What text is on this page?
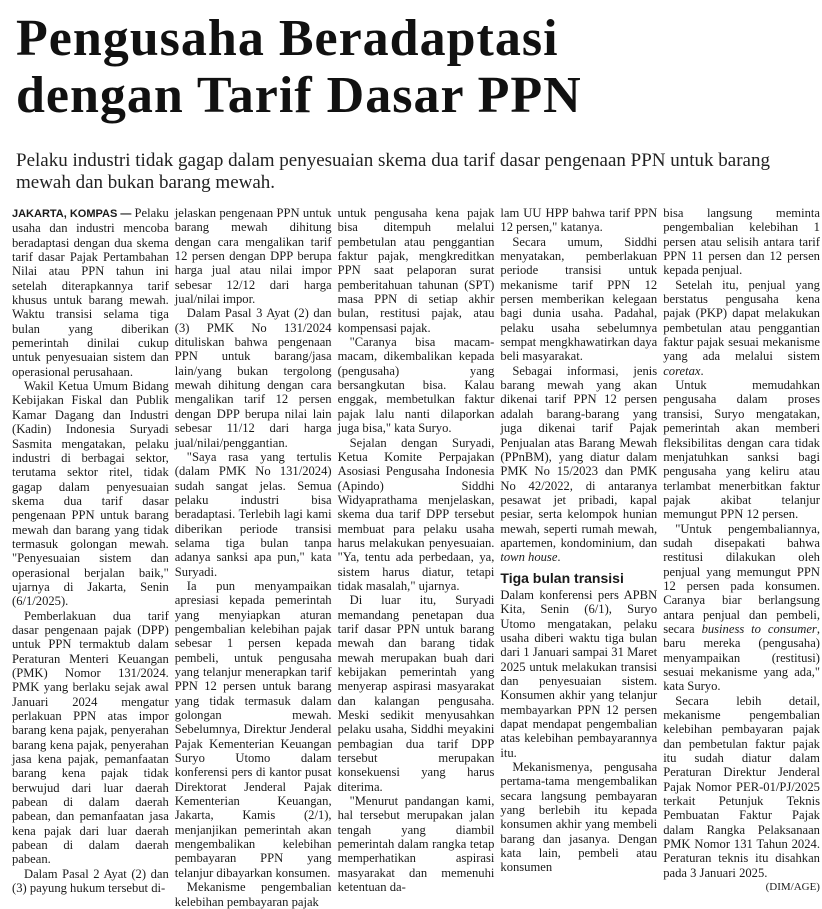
Pengusaha Beradaptasi
dengan Tarif Dasar PPN

Pelaku industri tidak gagap dalam penyesuaian skema dua tarif dasar pengenaan PPN untuk barang mewah dan bukan barang mewah.

JAKARTA, KOMPAS — Pelaku usaha dan industri mencoba beradaptasi dengan dua skema tarif dasar Pajak Pertambahan Nilai atau PPN tahun ini setelah diterapkannya tarif khusus untuk barang mewah. Waktu transisi selama tiga bulan yang diberikan pemerintah dinilai cukup untuk penyesuaian sistem dan operasional perusahaan.

Wakil Ketua Umum Bidang Kebijakan Fiskal dan Publik Kamar Dagang dan Industri (Kadin) Indonesia Suryadi Sasmita mengatakan, pelaku industri di berbagai sektor, terutama sektor ritel, tidak gagap dalam penyesuaian skema dua tarif dasar pengenaan PPN untuk barang mewah dan barang yang tidak termasuk golongan mewah. "Penyesuaian sistem dan operasional berjalan baik," ujarnya di Jakarta, Senin (6/1/2025).

Pemberlakuan dua tarif dasar pengenaan pajak (DPP) untuk PPN termaktub dalam Peraturan Menteri Keuangan (PMK) Nomor 131/2024. PMK yang berlaku sejak awal Januari 2024 mengatur perlakuan PPN atas impor barang kena pajak, penyerahan barang kena pajak, penyerahan jasa kena pajak, pemanfaatan barang kena pajak tidak berwujud dari luar daerah pabean di dalam daerah pabean, dan pemanfaatan jasa kena pajak dari luar daerah pabean di dalam daerah pabean.

Dalam Pasal 2 Ayat (2) dan (3) payung hukum tersebut di-

jelaskan pengenaan PPN untuk barang mewah dihitung dengan cara mengalikan tarif 12 persen dengan DPP berupa harga jual atau nilai impor sebesar 12/12 dari harga jual/nilai impor.

Dalam Pasal 3 Ayat (2) dan (3) PMK No 131/2024 dituliskan bahwa pengenaan PPN untuk barang/jasa lain/yang bukan tergolong mewah dihitung dengan cara mengalikan tarif 12 persen dengan DPP berupa nilai lain sebesar 11/12 dari harga jual/nilai/penggantian.

"Saya rasa yang tertulis (dalam PMK No 131/2024) sudah sangat jelas. Semua pelaku industri bisa beradaptasi. Terlebih lagi kami diberikan periode transisi selama tiga bulan tanpa adanya sanksi apa pun," kata Suryadi.

Ia pun menyampaikan apresiasi kepada pemerintah yang menyiapkan aturan pengembalian kelebihan pajak sebesar 1 persen kepada pembeli, untuk pengusaha yang telanjur menerapkan tarif PPN 12 persen untuk barang yang tidak termasuk dalam golongan mewah. Sebelumnya, Direktur Jenderal Pajak Kementerian Keuangan Suryo Utomo dalam konferensi pers di kantor pusat Direktorat Jenderal Pajak Kementerian Keuangan, Jakarta, Kamis (2/1), menjanjikan pemerintah akan mengembalikan kelebihan pembayaran PPN yang telanjur dibayarkan konsumen.

Mekanisme pengembalian kelebihan pembayaran pajak

untuk pengusaha kena pajak bisa ditempuh melalui pembetulan atau penggantian faktur pajak, mengkreditkan PPN saat pelaporan surat pemberitahuan tahunan (SPT) masa PPN di setiap akhir bulan, restitusi pajak, atau kompensasi pajak.

"Caranya bisa macam-macam, dikembalikan kepada (pengusaha) yang bersangkutan bisa. Kalau enggak, membetulkan faktur pajak lalu nanti dilaporkan juga bisa," kata Suryo.

Sejalan dengan Suryadi, Ketua Komite Perpajakan Asosiasi Pengusaha Indonesia (Apindo) Siddhi Widyaprathama menjelaskan, skema dua tarif DPP tersebut membuat para pelaku usaha harus melakukan penyesuaian. "Ya, tentu ada perbedaan, ya, sistem harus diatur, tetapi tidak masalah," ujarnya.

Di luar itu, Suryadi memandang penetapan dua tarif dasar PPN untuk barang mewah dan barang tidak mewah merupakan buah dari kebijakan pemerintah yang menyerap aspirasi masyarakat dan kalangan pengusaha. Meski sedikit menyusahkan pelaku usaha, Siddhi meyakini pembagian dua tarif DPP tersebut merupakan konsekuensi yang harus diterima.

"Menurut pandangan kami, hal tersebut merupakan jalan tengah yang diambil pemerintah dalam rangka tetap memperhatikan aspirasi masyarakat dan memenuhi ketentuan da-

lam UU HPP bahwa tarif PPN 12 persen," katanya.

Secara umum, Siddhi menyatakan, pemberlakuan periode transisi untuk mekanisme tarif PPN 12 persen memberikan kelegaan bagi dunia usaha. Padahal, pelaku usaha sebelumnya sempat mengkhawatirkan daya beli masyarakat.

Sebagai informasi, jenis barang mewah yang akan dikenai tarif PPN 12 persen adalah barang-barang yang juga dikenai tarif Pajak Penjualan atas Barang Mewah (PPnBM), yang diatur dalam PMK No 15/2023 dan PMK No 42/2022, di antaranya pesawat jet pribadi, kapal pesiar, serta kelompok hunian mewah, seperti rumah mewah, apartemen, kondominium, dan town house.

Tiga bulan transisi

Dalam konferensi pers APBN Kita, Senin (6/1), Suryo Utomo mengatakan, pelaku usaha diberi waktu tiga bulan dari 1 Januari sampai 31 Maret 2025 untuk melakukan transisi dan penyesuaian sistem. Konsumen akhir yang telanjur membayarkan PPN 12 persen dapat mendapat pengembalian atas kelebihan pembayarannya itu.

Mekanismenya, pengusaha pertama-tama mengembalikan secara langsung pembayaran yang berlebih itu kepada konsumen akhir yang membeli barang dan jasanya. Dengan kata lain, pembeli atau konsumen

bisa langsung meminta pengembalian kelebihan 1 persen atau selisih antara tarif PPN 11 persen dan 12 persen kepada penjual.

Setelah itu, penjual yang berstatus pengusaha kena pajak (PKP) dapat melakukan pembetulan atau penggantian faktur pajak sesuai mekanisme yang ada melalui sistem coretax.

Untuk memudahkan pengusaha dalam proses transisi, Suryo mengatakan, pemerintah akan memberi fleksibilitas dengan cara tidak menjatuhkan sanksi bagi pengusaha yang keliru atau terlambat menerbitkan faktur pajak akibat telanjur memungut PPN 12 persen.

"Untuk pengembaliannya, sudah disepakati bahwa restitusi dilakukan oleh penjual yang memungut PPN 12 persen pada konsumen. Caranya biar berlangsung antara penjual dan pembeli, secara business to consumer, baru mereka (pengusaha) menyampaikan (restitusi) sesuai mekanisme yang ada," kata Suryo.

Secara lebih detail, mekanisme pengembalian kelebihan pembayaran pajak dan pembetulan faktur pajak itu sudah diatur dalam Peraturan Direktur Jenderal Pajak Nomor PER-01/PJ/2025 terkait Petunjuk Teknis Pembuatan Faktur Pajak dalam Rangka Pelaksanaan PMK Nomor 131 Tahun 2024. Peraturan teknis itu disahkan pada 3 Januari 2025.

(DIM/AGE)
